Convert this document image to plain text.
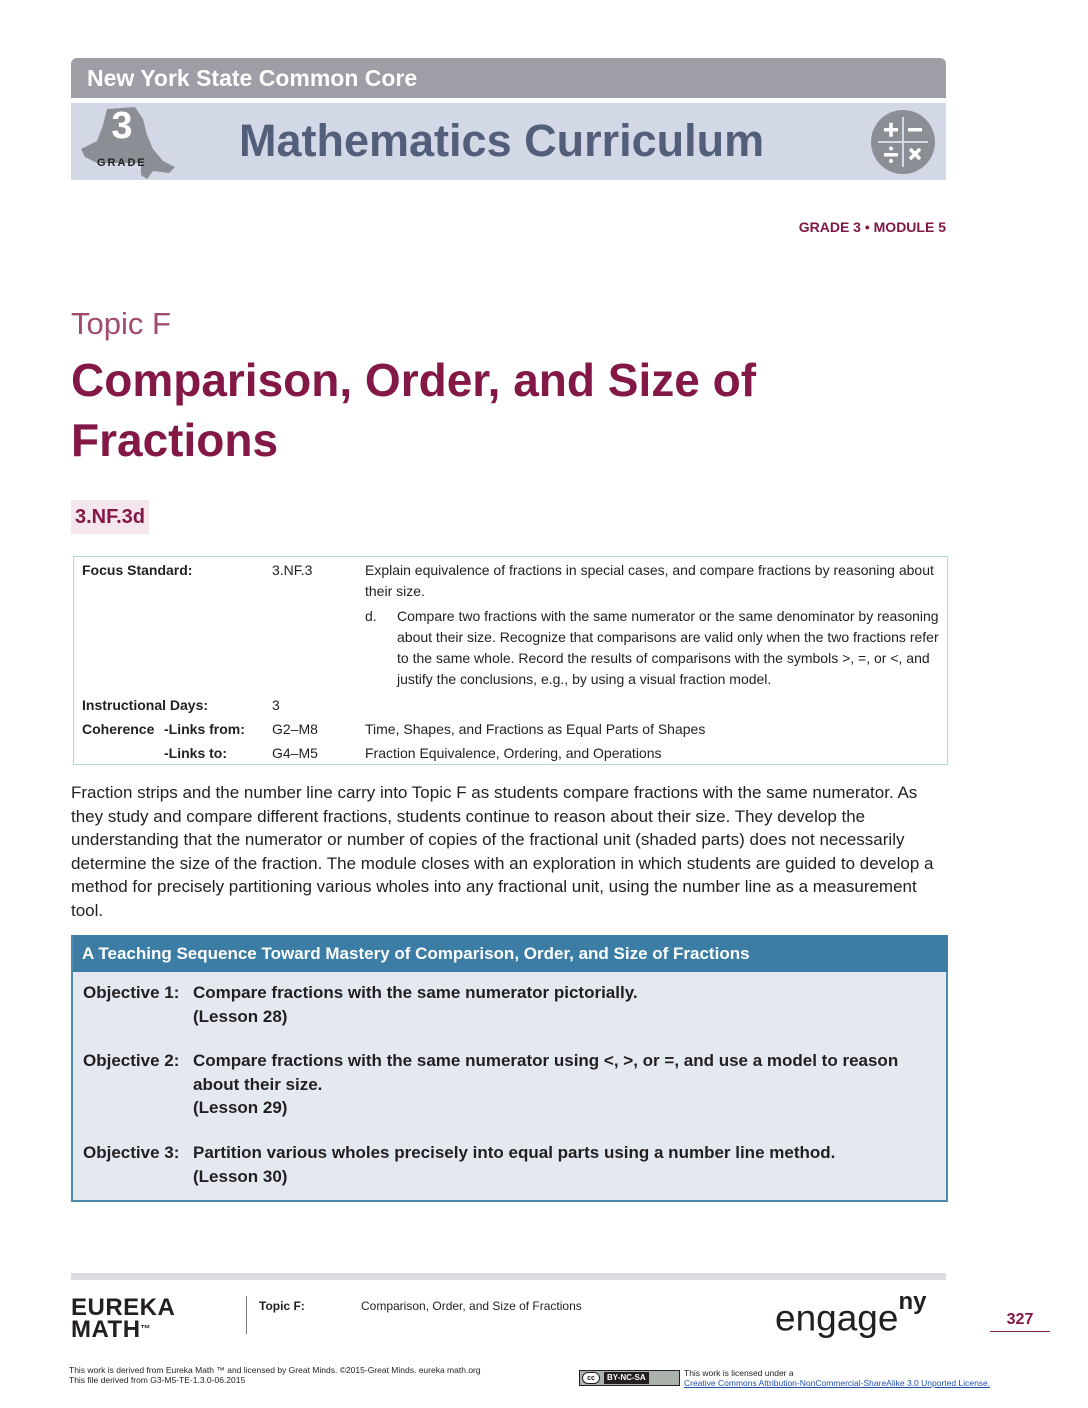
New York State Common Core
3
GRADE Mathematics Curriculum
GRADE 3 • MODULE 5
Topic F
Comparison, Order, and Size of Fractions
3.NF.3d
Focus Standard:	3.NF.3	Explain equivalence of fractions in special cases, and compare fractions by reasoning about their size.
d. Compare two fractions with the same numerator or the same denominator by reasoning about their size. Recognize that comparisons are valid only when the two fractions refer to the same whole. Record the results of comparisons with the symbols >, =, or <, and justify the conclusions, e.g., by using a visual fraction model.
Instructional Days:	3
Coherence -Links from: G2–M8	Time, Shapes, and Fractions as Equal Parts of Shapes
-Links to:	G4–M5	Fraction Equivalence, Ordering, and Operations

Fraction strips and the number line carry into Topic F as students compare fractions with the same numerator. As they study and compare different fractions, students continue to reason about their size. They develop the understanding that the numerator or number of copies of the fractional unit (shaded parts) does not necessarily determine the size of the fraction. The module closes with an exploration in which students are guided to develop a method for precisely partitioning various wholes into any fractional unit, using the number line as a measurement tool.

A Teaching Sequence Toward Mastery of Comparison, Order, and Size of Fractions
Objective 1: Compare fractions with the same numerator pictorially.
(Lesson 28)
Objective 2: Compare fractions with the same numerator using <, >, or =, and use a model to reason about their size.
(Lesson 29)
Objective 3: Partition various wholes precisely into equal parts using a number line method.
(Lesson 30)
EUREKA
MATH™
Topic F:	Comparison, Order, and Size of Fractions	engage$^{ny}$
327
This work is derived from Eureka Math ™ and licensed by Great Minds. ©2015-Great Minds. eureka math.org
This file derived from G3-M5-TE-1.3.0-06.2015	cc	BY-NC-SA	This work is licensed under a
Creative Commons Attribution-NonCommercial-ShareAlike 3.0 Unported License.
